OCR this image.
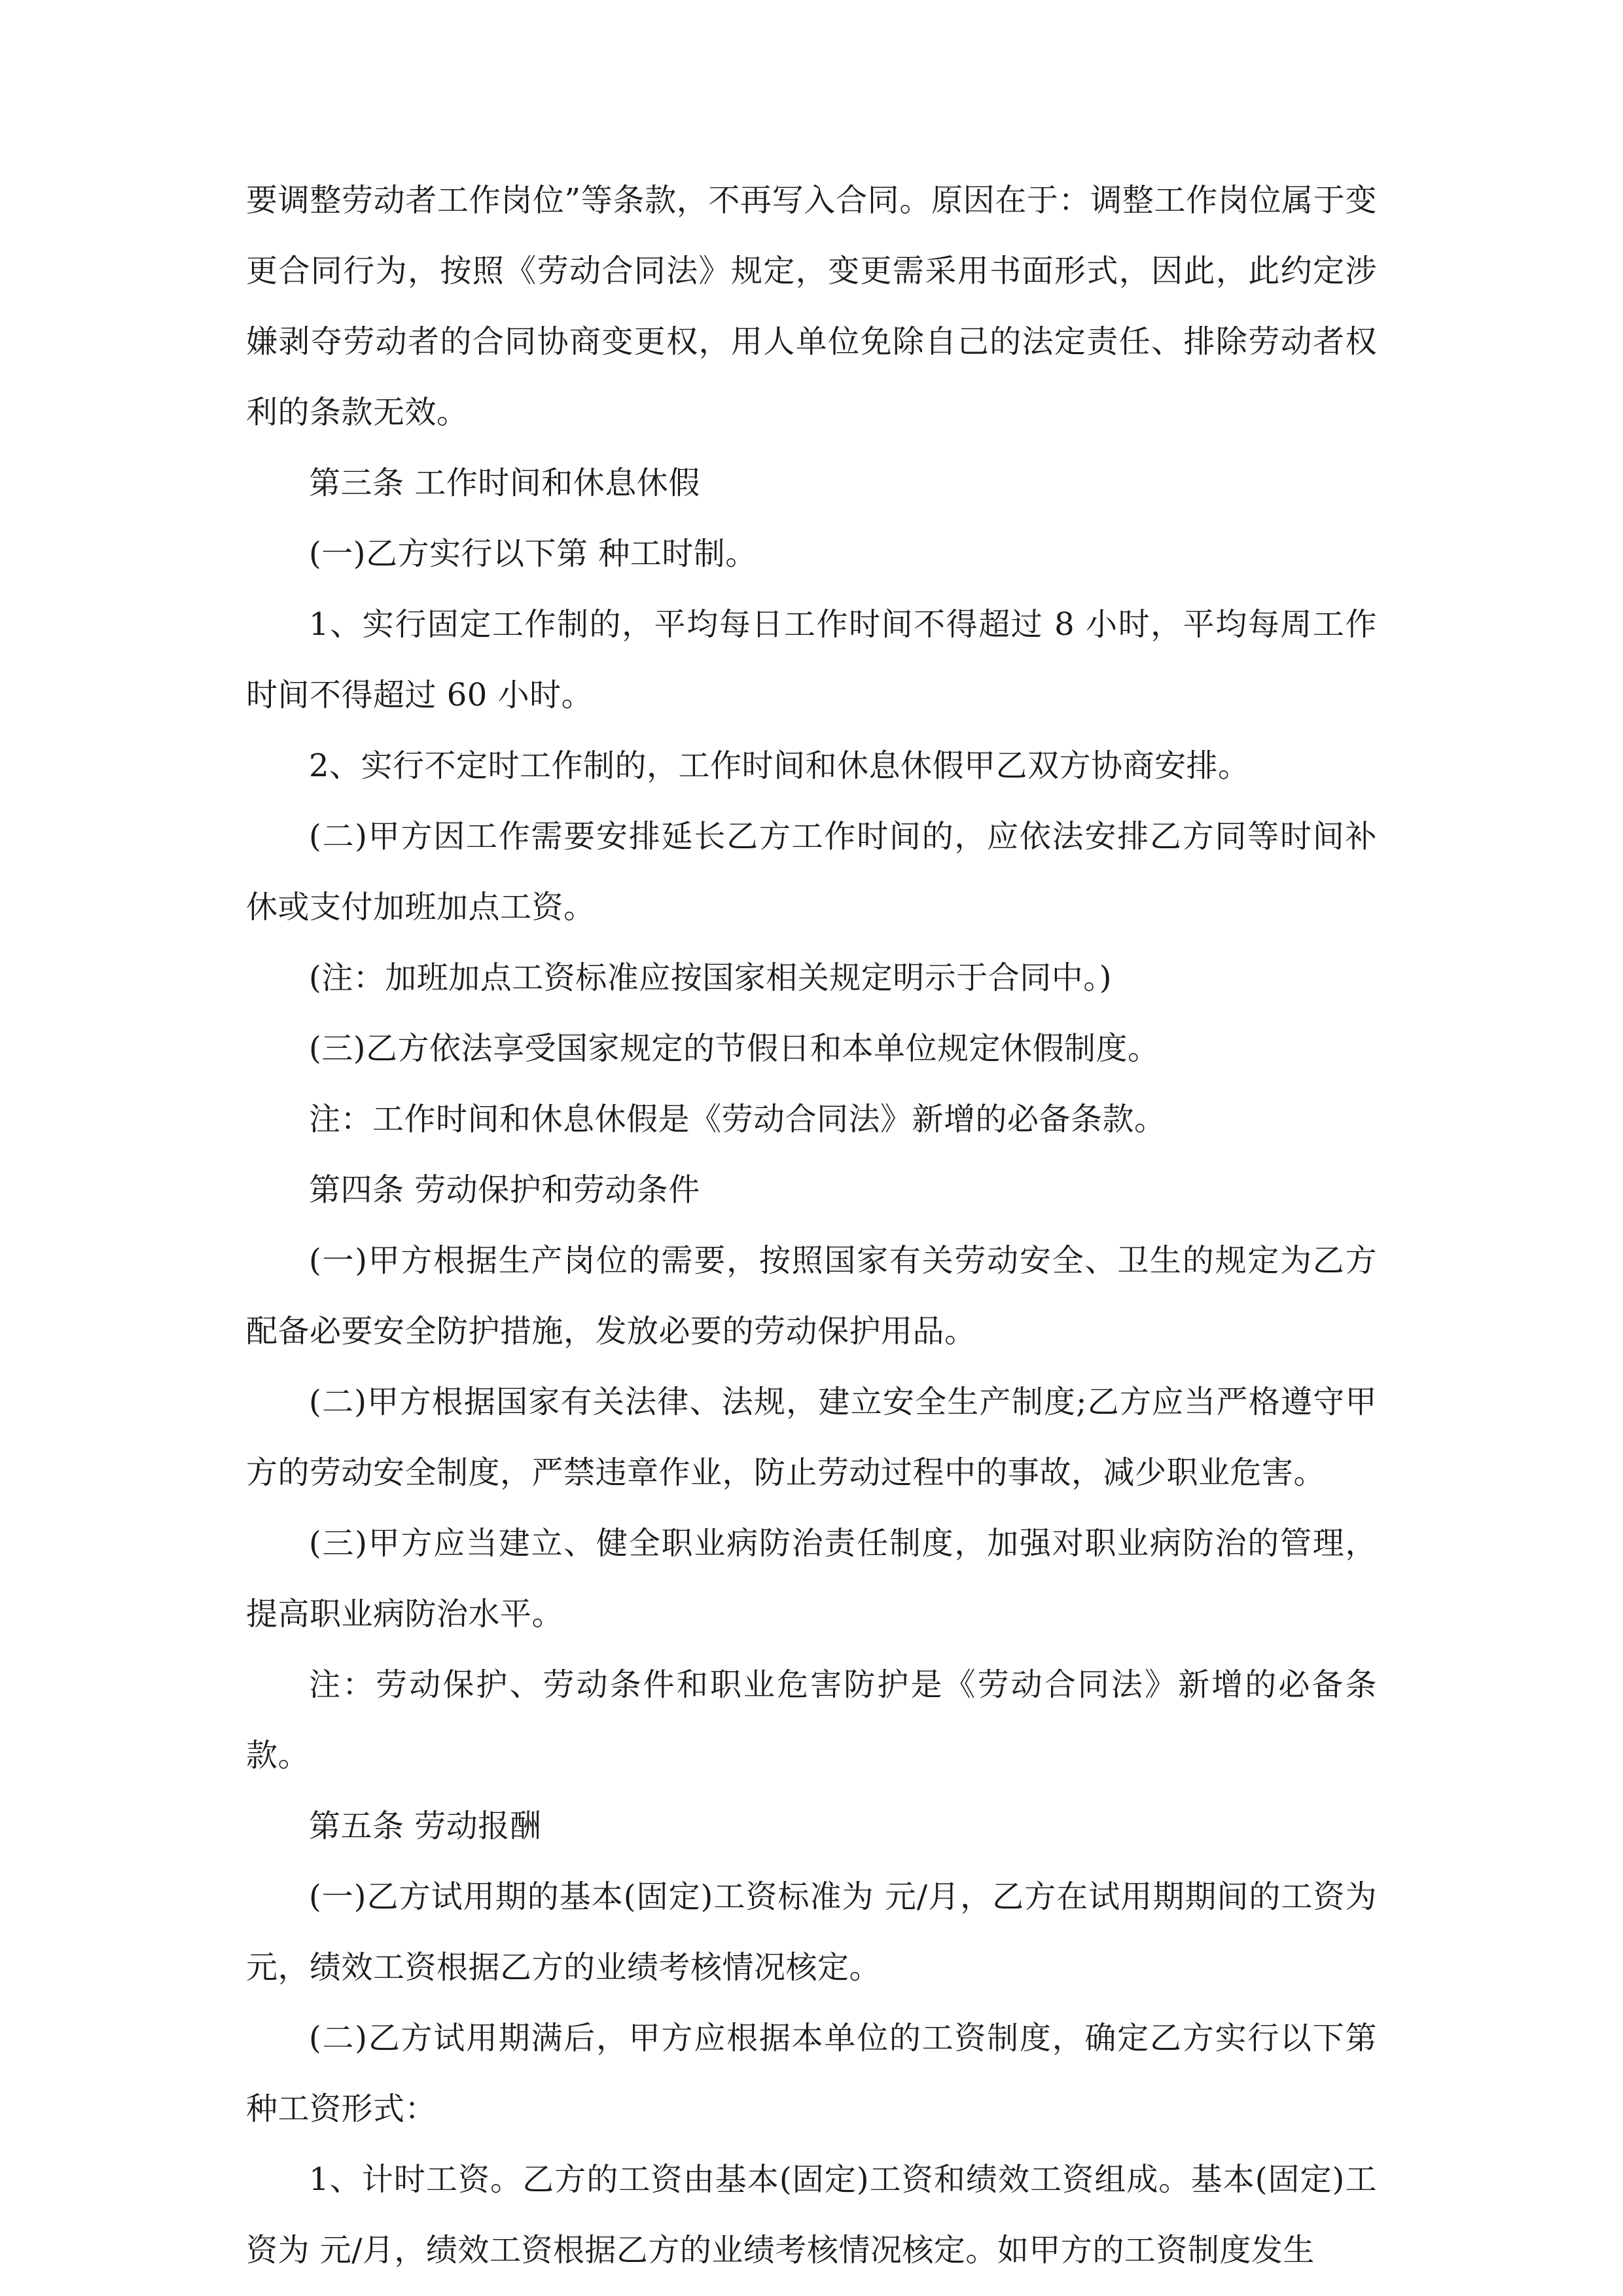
要调整劳动者工作岗位”等条款，不再写入合同。原因在于：调整工作岗位属于变更合同行为，按照《劳动合同法》规定，变更需采用书面形式，因此，此约定涉嫌剥夺劳动者的合同协商变更权，用人单位免除自己的法定责任、排除劳动者权利的条款无效。

第三条 工作时间和休息休假

(一)乙方实行以下第 种工时制。

1、实行固定工作制的，平均每日工作时间不得超过 8 小时，平均每周工作时间不得超过 60 小时。

2、实行不定时工作制的，工作时间和休息休假甲乙双方协商安排。

(二)甲方因工作需要安排延长乙方工作时间的，应依法安排乙方同等时间补休或支付加班加点工资。

(注：加班加点工资标准应按国家相关规定明示于合同中。)

(三)乙方依法享受国家规定的节假日和本单位规定休假制度。

注：工作时间和休息休假是《劳动合同法》新增的必备条款。

第四条 劳动保护和劳动条件

(一)甲方根据生产岗位的需要，按照国家有关劳动安全、卫生的规定为乙方配备必要安全防护措施，发放必要的劳动保护用品。

(二)甲方根据国家有关法律、法规，建立安全生产制度;乙方应当严格遵守甲方的劳动安全制度，严禁违章作业，防止劳动过程中的事故，减少职业危害。

(三)甲方应当建立、健全职业病防治责任制度，加强对职业病防治的管理，提高职业病防治水平。

注：劳动保护、劳动条件和职业危害防护是《劳动合同法》新增的必备条款。

第五条 劳动报酬

(一)乙方试用期的基本(固定)工资标准为 元/月，乙方在试用期期间的工资为 元，绩效工资根据乙方的业绩考核情况核定。

(二)乙方试用期满后，甲方应根据本单位的工资制度，确定乙方实行以下第种工资形式：

1、计时工资。乙方的工资由基本(固定)工资和绩效工资组成。基本(固定)工资为 元/月，绩效工资根据乙方的业绩考核情况核定。如甲方的工资制度发生
